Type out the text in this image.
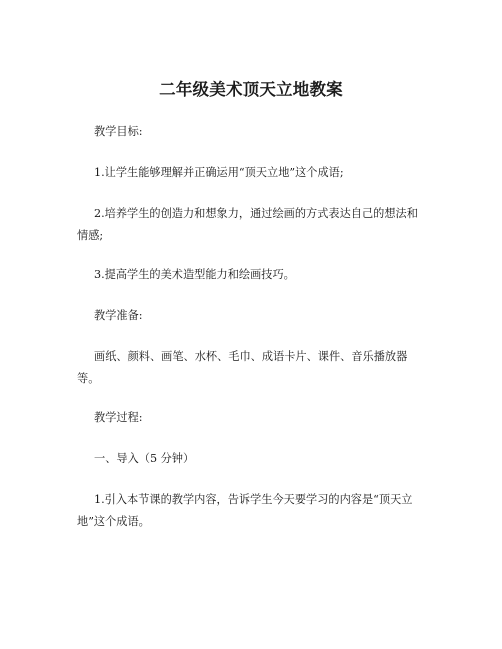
二年级美术顶天立地教案
教学目标:
1.让学生能够理解并正确运用“顶天立地”这个成语;
2.培养学生的创造力和想象力，通过绘画的方式表达自己的想法和情感;
3.提高学生的美术造型能力和绘画技巧。
教学准备:
画纸、颜料、画笔、水杯、毛巾、成语卡片、课件、音乐播放器等。
教学过程:
一、导入（5 分钟）
1.引入本节课的教学内容，告诉学生今天要学习的内容是“顶天立地”这个成语。
